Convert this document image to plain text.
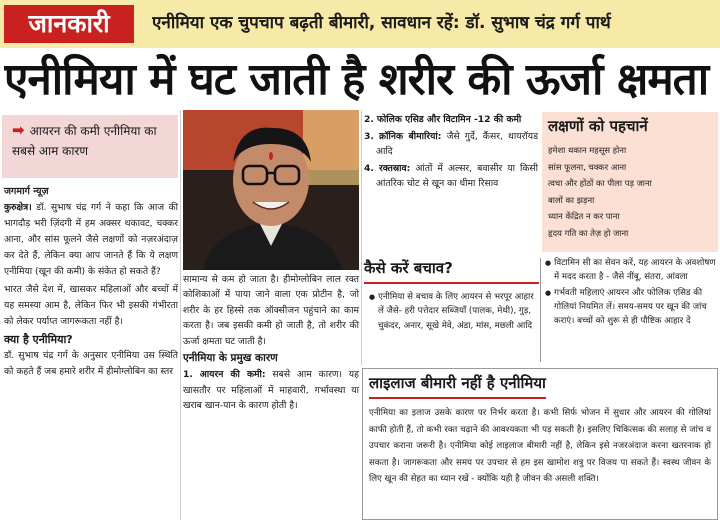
जानकारी	एनीमिया एक चुपचाप बढ़ती बीमारी, सावधान रहें: डॉ. सुभाष चंद्र गर्ग पार्थ
एनीमिया में घट जाती है शरीर की ऊर्जा क्षमता
➡ आयरन की कमी एनीमिया का सबसे आम कारण
जगमार्ग न्यूज़

कुरुक्षेत्र। डॉ. सुभाष चंद्र गर्ग ने कहा कि आज की भागदौड़ भरी ज़िंदगी में हम अक्सर थकावट, चक्कर आना, और सांस फूलने जैसे लक्षणों को नज़रअंदाज़ कर देते हैं, लेकिन क्या आप जानते हैं कि ये लक्षण एनीमिया (खून की कमी) के संकेत हो सकते हैं?

भारत जैसे देश में, खासकर महिलाओं और बच्चों में यह समस्या आम है, लेकिन फिर भी इसकी गंभीरता को लेकर पर्याप्त जागरूकता नहीं है।

क्या है एनीमिया?

डॉ. सुभाष चंद्र गर्ग के अनुसार एनीमिया उस स्थिति को कहते हैं जब हमारे शरीर में हीमोग्लोबिन का स्तर

सामान्य से कम हो जाता है। हीमोग्लोबिन लाल रक्त कोशिकाओं में पाया जाने वाला एक प्रोटीन है, जो शरीर के हर हिस्से तक ऑक्सीजन पहुंचाने का काम करता है। जब इसकी कमी हो जाती है, तो शरीर की ऊर्जा क्षमता घट जाती है।

एनीमिया के प्रमुख कारण

1. आयरन की कमी: सबसे आम कारण। यह खासतौर पर महिलाओं में माहवारी, गर्भावस्था या खराब खान-पान के कारण होती है।

2. फोलिक एसिड और विटामिन -12 की कमी
3. क्रॉनिक बीमारियां: जैसे गुर्दे, कैंसर, थायरॉयड आदि
4. रक्तस्राव: आंतों में अल्सर, बवासीर या किसी आंतरिक चोट से खून का धीमा रिसाव
लक्षणों को पहचानें
हमेशा थकान महसूस होना
सांस फूलना, चक्कर आना
त्वचा और होंठों का पीला पड़ जाना
बालों का झड़ना
ध्यान केंद्रित न कर पाना
हृदय गति का तेज़ हो जाना
कैसे करें बचाव?
● एनीमिया से बचाव के लिए आयरन से भरपूर आहार लें जैसे- हरी पत्तेदार सब्जियाँ (पालक, मेथी), गुड़, चुकंदर, अनार, सूखे मेवे, अंडा, मांस, मछली आदि
● विटामिन सी का सेवन करें, यह आयरन के अवशोषण में मदद करता है - जैसे नींबू, संतरा, आंवला
● गर्भवती महिलाएं आयरन और फोलिक एसिड की गोलियां नियमित लें। समय-समय पर खून की जांच कराएं। बच्चों को शुरू से ही पौष्टिक आहार दें
लाइलाज बीमारी नहीं है एनीमिया
एनीमिया का इलाज उसके कारण पर निर्भर करता है। कभी सिर्फ भोजन में सुधार और आयरन की गोलियां काफी होती हैं, तो कभी रक्त चढ़ाने की आवश्यकता भी पड़ सकती है। इसलिए चिकित्सक की सलाह से जांच व उपचार कराना जरूरी है। एनीमिया कोई लाइलाज बीमारी नहीं है, लेकिन इसे नजरअंदाज करना खतरनाक हो सकता है। जागरूकता और समय पर उपचार से हम इस खामोश शत्रु पर विजय पा सकते हैं। स्वस्थ जीवन के लिए खून की सेहत का ध्यान रखें - क्योंकि यही है जीवन की असली शक्ति।
